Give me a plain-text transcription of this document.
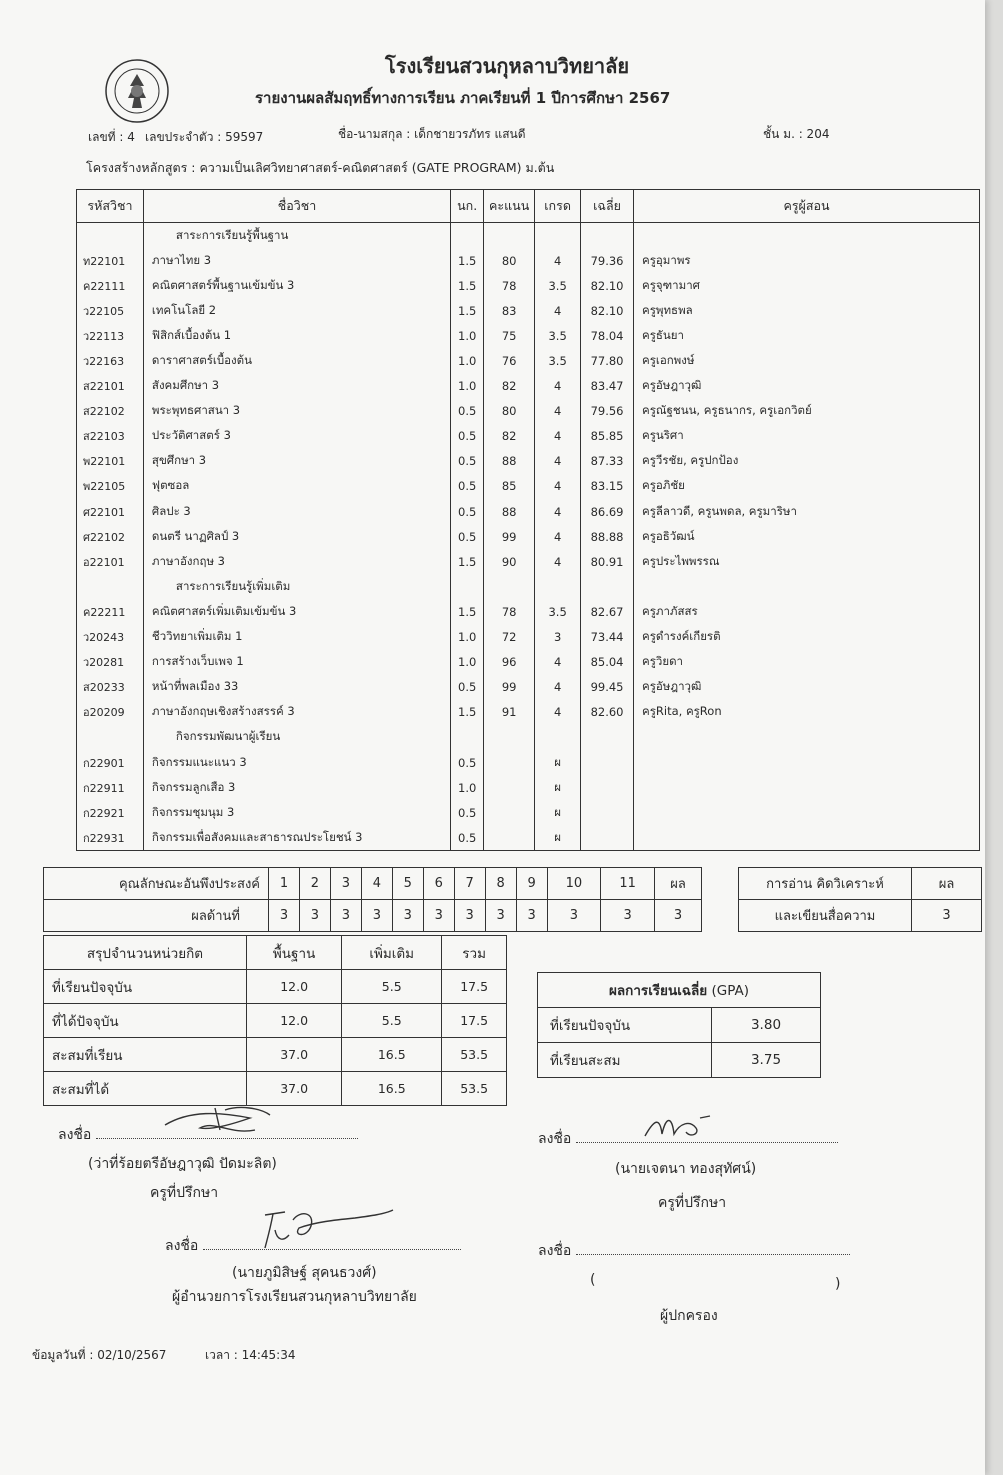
โรงเรียนสวนกุหลาบวิทยาลัย
รายงานผลสัมฤทธิ์ทางการเรียน ภาคเรียนที่ 1 ปีการศึกษา 2567
เลขที่ : 4 เลขประจำตัว : 59597	ชื่อ-นามสกุล : เด็กชายวรภัทร แสนดี	ชั้น ม. : 204
โครงสร้างหลักสูตร : ความเป็นเลิศวิทยาศาสตร์-คณิตศาสตร์ (GATE PROGRAM) ม.ต้น
รหัสวิชา	ชื่อวิชา	นก.	คะแนน	เกรด	เฉลี่ย	ครูผู้สอน
	สาระการเรียนรู้พื้นฐาน					
ท22101	ภาษาไทย 3	1.5	80	4	79.36	ครูอุมาพร
ค22111	คณิตศาสตร์พื้นฐานเข้มข้น 3	1.5	78	3.5	82.10	ครูจุฑามาศ
ว22105	เทคโนโลยี 2	1.5	83	4	82.10	ครูพุทธพล
ว22113	ฟิสิกส์เบื้องต้น 1	1.0	75	3.5	78.04	ครูธันยา
ว22163	ดาราศาสตร์เบื้องต้น	1.0	76	3.5	77.80	ครูเอกพงษ์
ส22101	สังคมศึกษา 3	1.0	82	4	83.47	ครูอัษฎาวุฒิ
ส22102	พระพุทธศาสนา 3	0.5	80	4	79.56	ครูณัฐชนน, ครูธนากร, ครูเอกวิตย์
ส22103	ประวัติศาสตร์ 3	0.5	82	4	85.85	ครูนริศา
พ22101	สุขศึกษา 3	0.5	88	4	87.33	ครูวีรชัย, ครูปกป้อง
พ22105	ฟุตซอล	0.5	85	4	83.15	ครูอภิชัย
ศ22101	ศิลปะ 3	0.5	88	4	86.69	ครูลีลาวดี, ครูนพดล, ครูมาริษา
ศ22102	ดนตรี นาฏศิลป์ 3	0.5	99	4	88.88	ครูอธิวัฒน์
อ22101	ภาษาอังกฤษ 3	1.5	90	4	80.91	ครูประไพพรรณ
	สาระการเรียนรู้เพิ่มเติม					
ค22211	คณิตศาสตร์เพิ่มเติมเข้มข้น 3	1.5	78	3.5	82.67	ครูภาภัสสร
ว20243	ชีววิทยาเพิ่มเติม 1	1.0	72	3	73.44	ครูดำรงค์เกียรติ
ว20281	การสร้างเว็บเพจ 1	1.0	96	4	85.04	ครูวิยดา
ส20233	หน้าที่พลเมือง 33	0.5	99	4	99.45	ครูอัษฎาวุฒิ
อ20209	ภาษาอังกฤษเชิงสร้างสรรค์ 3	1.5	91	4	82.60	ครูRita, ครูRon
	กิจกรรมพัฒนาผู้เรียน					
ก22901	กิจกรรมแนะแนว 3	0.5		ผ		
ก22911	กิจกรรมลูกเสือ 3	1.0		ผ		
ก22921	กิจกรรมชุมนุม 3	0.5		ผ		
ก22931	กิจกรรมเพื่อสังคมและสาธารณประโยชน์ 3	0.5		ผ		
คุณลักษณะอันพึงประสงค์	1	2	3	4	5	6	7	8	9	10	11	ผล
ผลด้านที่	3	3	3	3	3	3	3	3	3	3	3	3
การอ่าน คิดวิเคราะห์	ผล
และเขียนสื่อความ	3
สรุปจำนวนหน่วยกิต	พื้นฐาน	เพิ่มเติม	รวม
ที่เรียนปัจจุบัน	12.0	5.5	17.5
ที่ได้ปัจจุบัน	12.0	5.5	17.5
สะสมที่เรียน	37.0	16.5	53.5
สะสมที่ได้	37.0	16.5	53.5
ผลการเรียนเฉลี่ย (GPA)	
ที่เรียนปัจจุบัน	3.80
ที่เรียนสะสม	3.75
ลงชื่อ
(ว่าที่ร้อยตรีอัษฎาวุฒิ ปัดมะลิต)
ครูที่ปรึกษา
ลงชื่อ
(นายเจตนา ทองสุทัศน์)
ครูที่ปรึกษา
ลงชื่อ
(นายภูมิสิษฐ์ สุคนธวงศ์)
ผู้อำนวยการโรงเรียนสวนกุหลาบวิทยาลัย
ลงชื่อ
(	)
ผู้ปกครอง
ข้อมูลวันที่ : 02/10/2567	เวลา : 14:45:34
